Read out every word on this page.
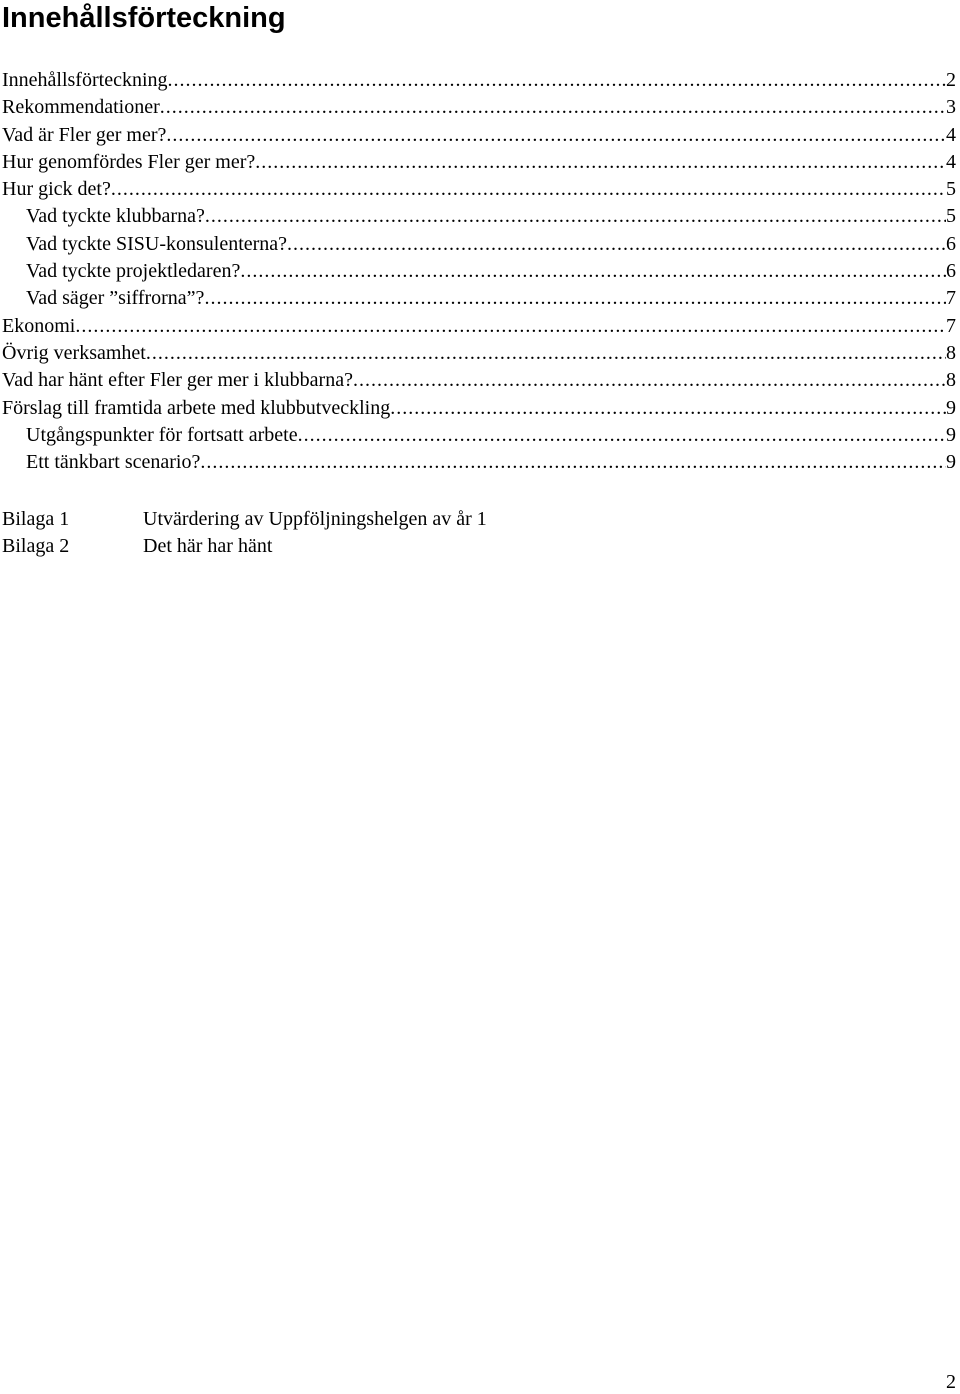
Innehållsförteckning
Innehållsförteckning .....	2
Rekommendationer .....	3
Vad är Fler ger mer? .....	4
Hur genomfördes Fler ger mer? .....	4
Hur gick det? .....	5
Vad tyckte klubbarna? .....	5
Vad tyckte SISU-konsulenterna? .....	6
Vad tyckte projektledaren? .....	6
Vad säger ”siffrorna”? .....	7
Ekonomi .....	7
Övrig verksamhet .....	8
Vad har hänt efter Fler ger mer i klubbarna? .....	8
Förslag till framtida arbete med klubbutveckling .....	9
Utgångspunkter för fortsatt arbete .....	9
Ett tänkbart scenario? .....	9
Bilaga 1	Utvärdering av Uppföljningshelgen av år 1
Bilaga 2	Det här har hänt
2
